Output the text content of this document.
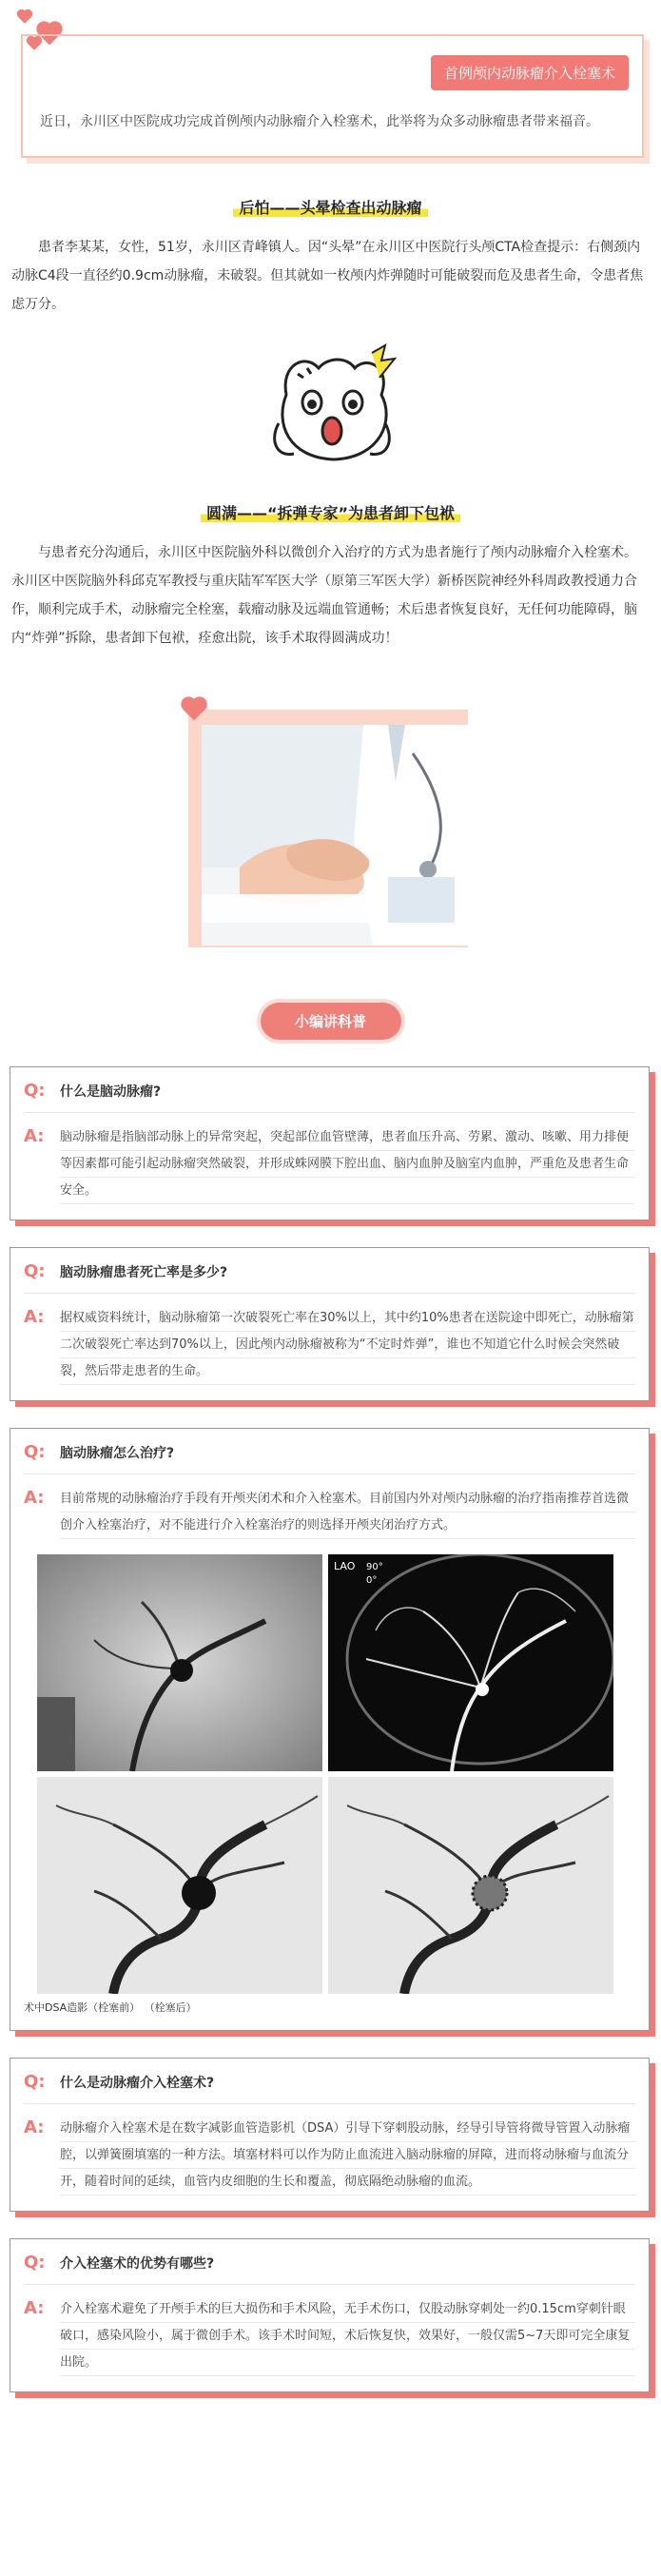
首例颅内动脉瘤介入栓塞术

近日，永川区中医院成功完成首例颅内动脉瘤介入栓塞术，此举将为众多动脉瘤患者带来福音。

后怕——头晕检查出动脉瘤

患者李某某，女性，51岁，永川区青峰镇人。因“头晕”在永川区中医院行头颅CTA检查提示：右侧颈内动脉C4段一直径约0.9cm动脉瘤，未破裂。但其就如一枚颅内炸弹随时可能破裂而危及患者生命，令患者焦虑万分。

圆满——“拆弹专家”为患者卸下包袱

与患者充分沟通后，永川区中医院脑外科以微创介入治疗的方式为患者施行了颅内动脉瘤介入栓塞术。永川区中医院脑外科邱克军教授与重庆陆军军医大学（原第三军医大学）新桥医院神经外科周政教授通力合作，顺利完成手术，动脉瘤完全栓塞，载瘤动脉及远端血管通畅；术后患者恢复良好，无任何功能障碍，脑内“炸弹”拆除，患者卸下包袱，痊愈出院，该手术取得圆满成功！

小编讲科普
Q:	什么是脑动脉瘤?
A:	脑动脉瘤是指脑部动脉上的异常突起，突起部位血管壁薄，患者血压升高、劳累、激动、咳嗽、用力排便等因素都可能引起动脉瘤突然破裂，并形成蛛网膜下腔出血、脑内血肿及脑室内血肿，严重危及患者生命安全。

Q:	脑动脉瘤患者死亡率是多少?
A:	据权威资料统计，脑动脉瘤第一次破裂死亡率在30%以上，其中约10%患者在送院途中即死亡，动脉瘤第二次破裂死亡率达到70%以上，因此颅内动脉瘤被称为“不定时炸弹”，谁也不知道它什么时候会突然破裂，然后带走患者的生命。

Q:	脑动脉瘤怎么治疗?
A:	目前常规的动脉瘤治疗手段有开颅夹闭术和介入栓塞术。目前国内外对颅内动脉瘤的治疗指南推荐首选微创介入栓塞治疗，对不能进行介入栓塞治疗的则选择开颅夹闭治疗方式。

LAO 90°
0°

术中DSA造影（栓塞前） （栓塞后）

Q:	什么是动脉瘤介入栓塞术?
A:	动脉瘤介入栓塞术是在数字减影血管造影机（DSA）引导下穿刺股动脉，经导引导管将微导管置入动脉瘤腔，以弹簧圈填塞的一种方法。填塞材料可以作为防止血流进入脑动脉瘤的屏障，进而将动脉瘤与血流分开，随着时间的延续，血管内皮细胞的生长和覆盖，彻底隔绝动脉瘤的血流。

Q:	介入栓塞术的优势有哪些?
A:	介入栓塞术避免了开颅手术的巨大损伤和手术风险，无手术伤口，仅股动脉穿刺处一约0.15cm穿刺针眼破口，感染风险小，属于微创手术。该手术时间短，术后恢复快，效果好，一般仅需5~7天即可完全康复出院。
